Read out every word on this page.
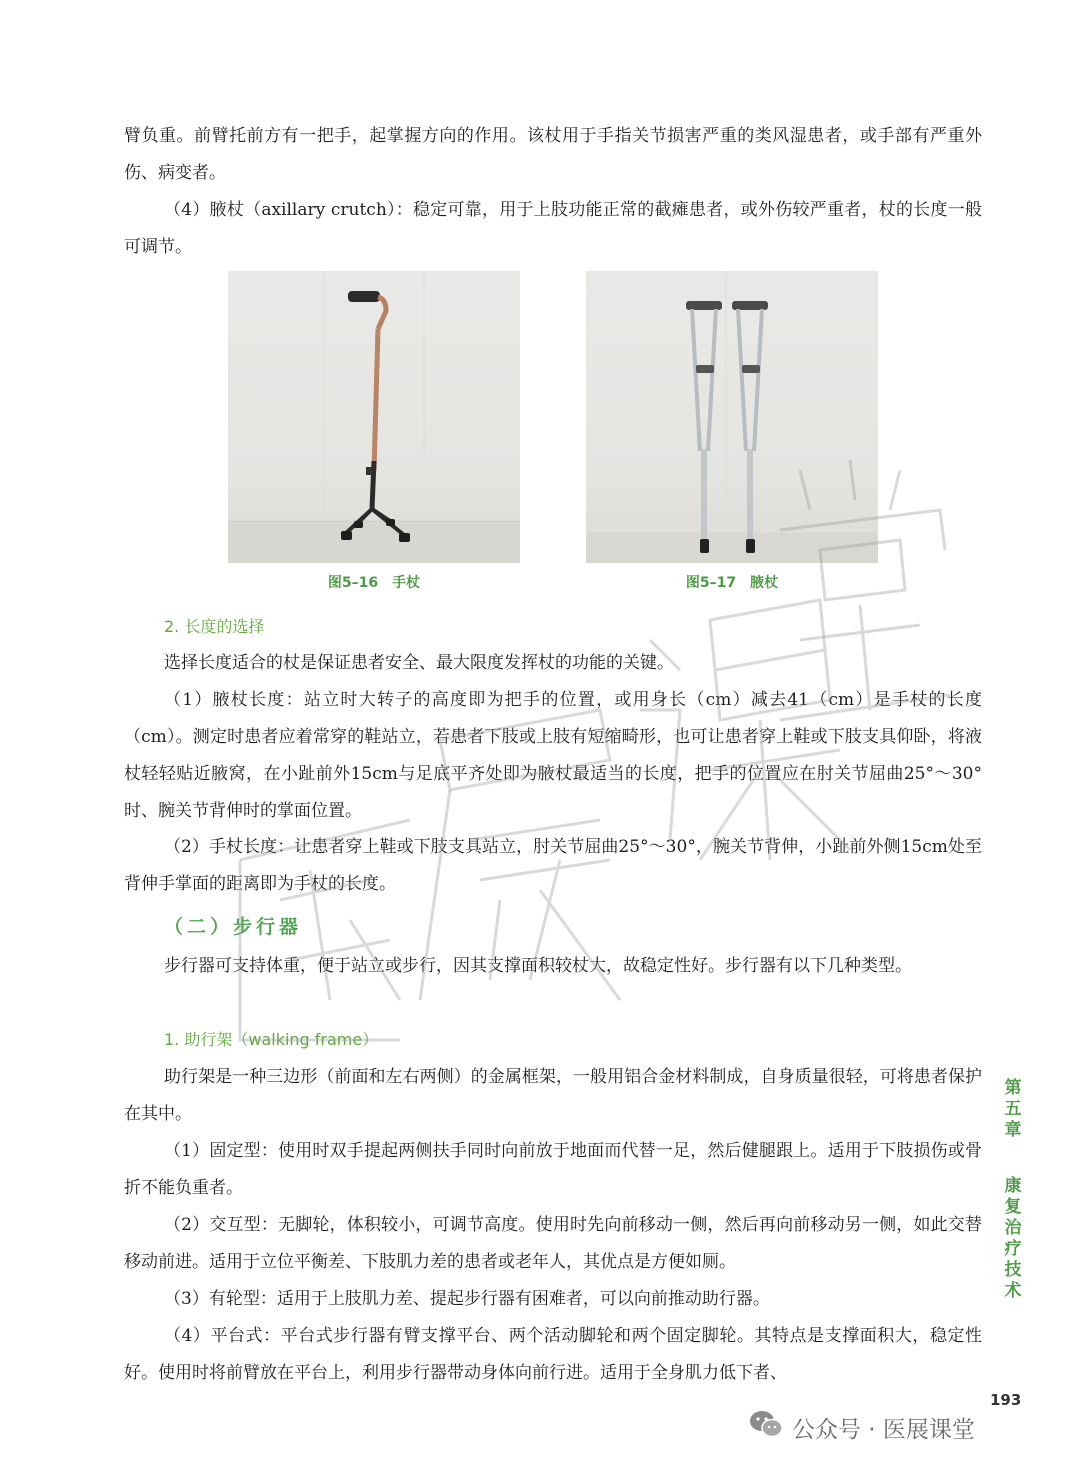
臂负重。前臂托前方有一把手，起掌握方向的作用。该杖用于手指关节损害严重的类风湿患者，或手部有严重外伤、病变者。

（4）腋杖（axillary crutch）：稳定可靠，用于上肢功能正常的截瘫患者，或外伤较严重者，杖的长度一般可调节。

图5–16　手杖	图5–17　腋杖

2. 长度的选择

选择长度适合的杖是保证患者安全、最大限度发挥杖的功能的关键。

（1）腋杖长度：站立时大转子的高度即为把手的位置，或用身长（cm）减去41（cm）是手杖的长度（cm）。测定时患者应着常穿的鞋站立，若患者下肢或上肢有短缩畸形，也可让患者穿上鞋或下肢支具仰卧，将液杖轻轻贴近腋窝，在小趾前外15cm与足底平齐处即为腋杖最适当的长度，把手的位置应在肘关节屈曲25°～30°时、腕关节背伸时的掌面位置。

（2）手杖长度：让患者穿上鞋或下肢支具站立，肘关节屈曲25°～30°，腕关节背伸，小趾前外侧15cm处至背伸手掌面的距离即为手杖的长度。

（二）步行器

步行器可支持体重，便于站立或步行，因其支撑面积较杖大，故稳定性好。步行器有以下几种类型。

1. 助行架（walking frame）

助行架是一种三边形（前面和左右两侧）的金属框架，一般用铝合金材料制成，自身质量很轻，可将患者保护在其中。

（1）固定型：使用时双手提起两侧扶手同时向前放于地面而代替一足，然后健腿跟上。适用于下肢损伤或骨折不能负重者。

（2）交互型：无脚轮，体积较小，可调节高度。使用时先向前移动一侧，然后再向前移动另一侧，如此交替移动前进。适用于立位平衡差、下肢肌力差的患者或老年人，其优点是方便如厕。

（3）有轮型：适用于上肢肌力差、提起步行器有困难者，可以向前推动助行器。

（4）平台式：平台式步行器有臂支撑平台、两个活动脚轮和两个固定脚轮。其特点是支撑面积大，稳定性好。使用时将前臂放在平台上，利用步行器带动身体向前行进。适用于全身肌力低下者、

第五章
康复治疗技术

193

公众号 · 医展课堂
